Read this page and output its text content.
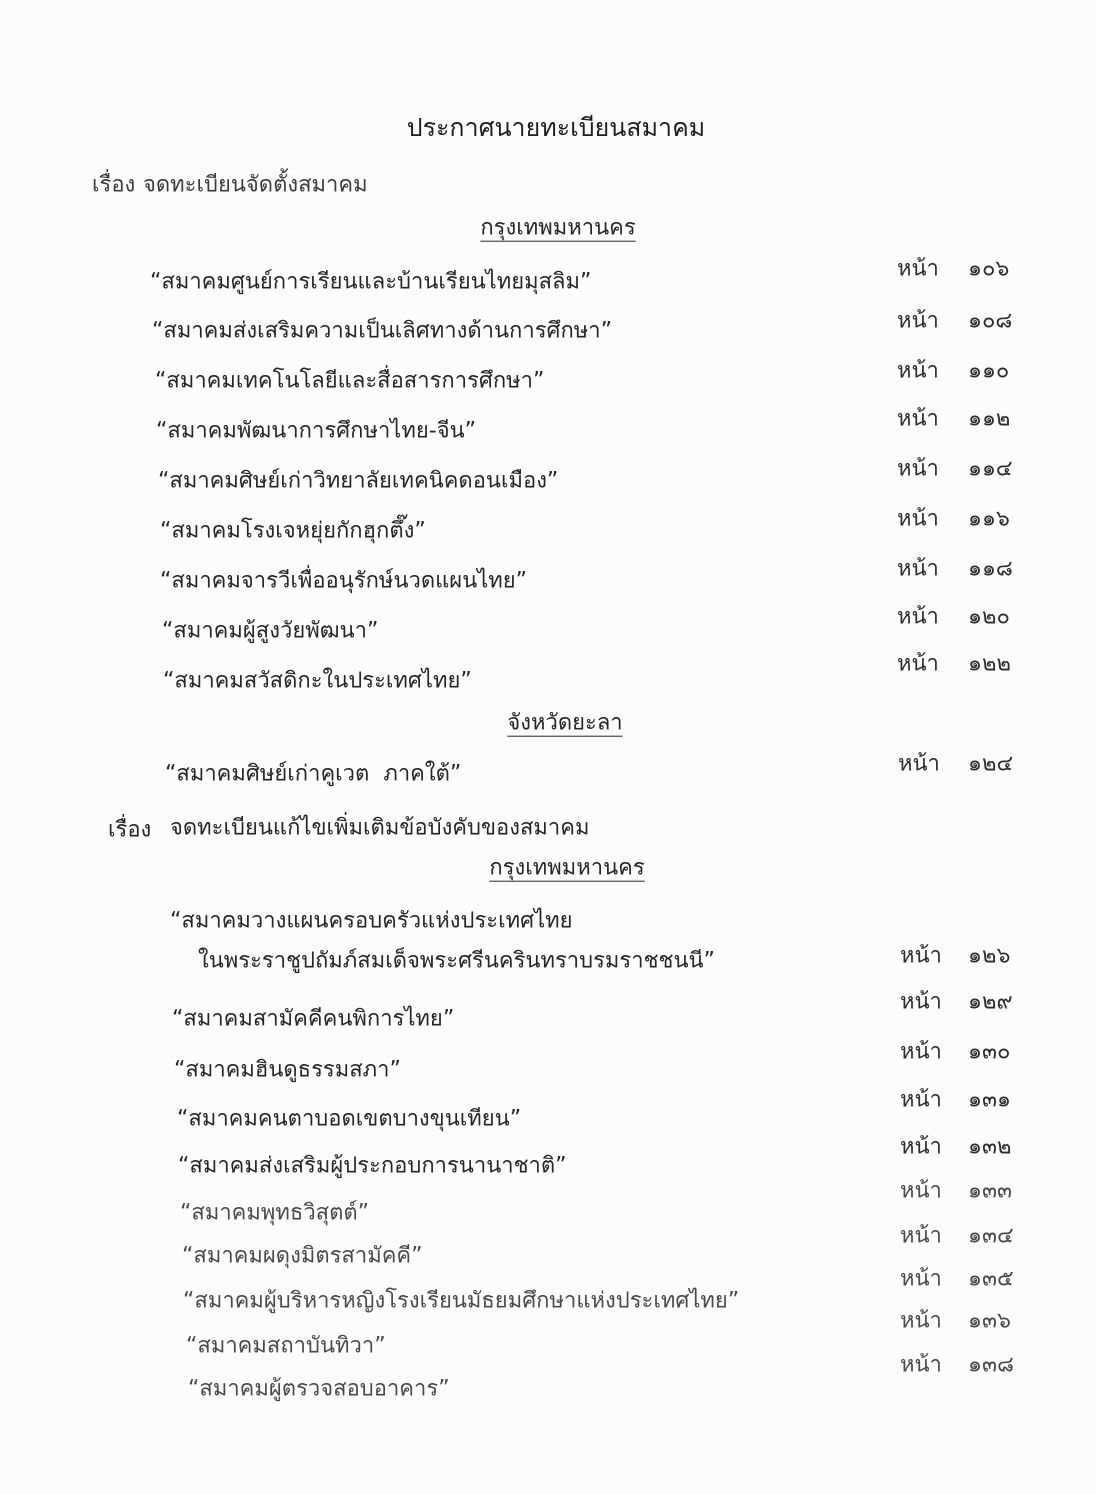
ประกาศนายทะเบียนสมาคม
เรื่อง จดทะเบียนจัดตั้งสมาคม
กรุงเทพมหานคร
“สมาคมศูนย์การเรียนและบ้านเรียนไทยมุสลิม”
หน้า ๑๐๖
“สมาคมส่งเสริมความเป็นเลิศทางด้านการศึกษา”	หน้า ๑๐๘
“สมาคมเทคโนโลยีและสื่อสารการศึกษา”	หน้า ๑๑๐
“สมาคมพัฒนาการศึกษาไทย-จีน”	หน้า ๑๑๒
“สมาคมศิษย์เก่าวิทยาลัยเทคนิคดอนเมือง”	หน้า ๑๑๔
“สมาคมโรงเจหยุ่ยกักฮุกตึ๊ง”	หน้า ๑๑๖
“สมาคมจารวีเพื่ออนุรักษ์นวดแผนไทย”	หน้า ๑๑๘
“สมาคมผู้สูงวัยพัฒนา”
หน้า ๑๒๐
“สมาคมสวัสดิกะในประเทศไทย”
หน้า ๑๒๒
จังหวัดยะลา
“สมาคมศิษย์เก่าคูเวต  ภาคใต้”	หน้า ๑๒๔
เรื่อง จดทะเบียนแก้ไขเพิ่มเติมข้อบังคับของสมาคม
กรุงเทพมหานคร
“สมาคมวางแผนครอบครัวแห่งประเทศไทย
ในพระราชูปถัมภ์สมเด็จพระศรีนครินทราบรมราชชนนี”	หน้า ๑๒๖
“สมาคมสามัคคีคนพิการไทย”
หน้า ๑๒๙
“สมาคมฮินดูธรรมสภา”
หน้า ๑๓๐
“สมาคมคนตาบอดเขตบางขุนเทียน”
หน้า ๑๓๑
“สมาคมส่งเสริมผู้ประกอบการนานาชาติ”
หน้า ๑๓๒
“สมาคมพุทธวิสุตต์”
หน้า ๑๓๓
“สมาคมผดุงมิตรสามัคคี”
หน้า ๑๓๔
“สมาคมผู้บริหารหญิงโรงเรียนมัธยมศึกษาแห่งประเทศไทย”
หน้า ๑๓๕
“สมาคมสถาบันทิวา”
หน้า ๑๓๖
“สมาคมผู้ตรวจสอบอาคาร”
หน้า ๑๓๘
